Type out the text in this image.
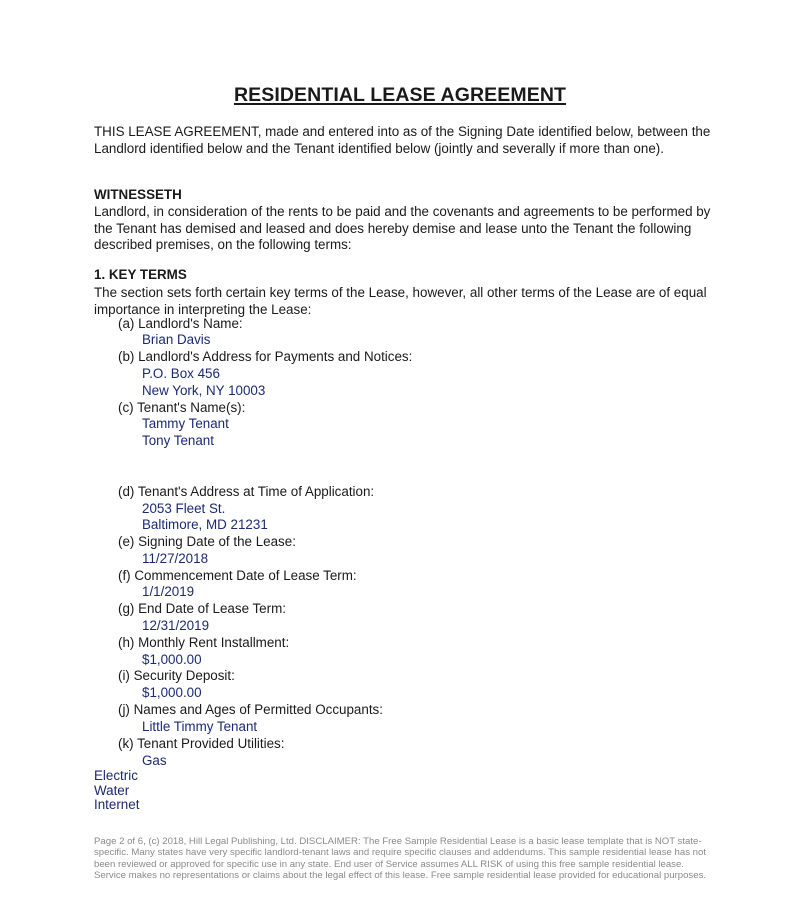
RESIDENTIAL LEASE AGREEMENT
THIS LEASE AGREEMENT, made and entered into as of the Signing Date identified below, between the Landlord identified below and the Tenant identified below (jointly and severally if more than one).
WITNESSETH
Landlord, in consideration of the rents to be paid and the covenants and agreements to be performed by the Tenant has demised and leased and does hereby demise and lease unto the Tenant the following described premises, on the following terms:
1. KEY TERMS
The section sets forth certain key terms of the Lease, however, all other terms of the Lease are of equal importance in interpreting the Lease:
(a) Landlord's Name:
Brian Davis
(b) Landlord's Address for Payments and Notices:
P.O. Box 456
New York, NY 10003
(c) Tenant's Name(s):
Tammy Tenant
Tony Tenant
(d) Tenant's Address at Time of Application:
2053 Fleet St.
Baltimore, MD 21231
(e) Signing Date of the Lease:
11/27/2018
(f) Commencement Date of Lease Term:
1/1/2019
(g) End Date of Lease Term:
12/31/2019
(h) Monthly Rent Installment:
$1,000.00
(i) Security Deposit:
$1,000.00
(j) Names and Ages of Permitted Occupants:
Little Timmy Tenant
(k) Tenant Provided Utilities:
Gas
Electric
Water
Internet
Page 2 of 6, (c) 2018, Hill Legal Publishing, Ltd. DISCLAIMER: The Free Sample Residential Lease is a basic lease template that is NOT state-specific. Many states have very specific landlord-tenant laws and require specific clauses and addendums. This sample residential lease has not been reviewed or approved for specific use in any state. End user of Service assumes ALL RISK of using this free sample residential lease. Service makes no representations or claims about the legal effect of this lease. Free sample residential lease provided for educational purposes.
